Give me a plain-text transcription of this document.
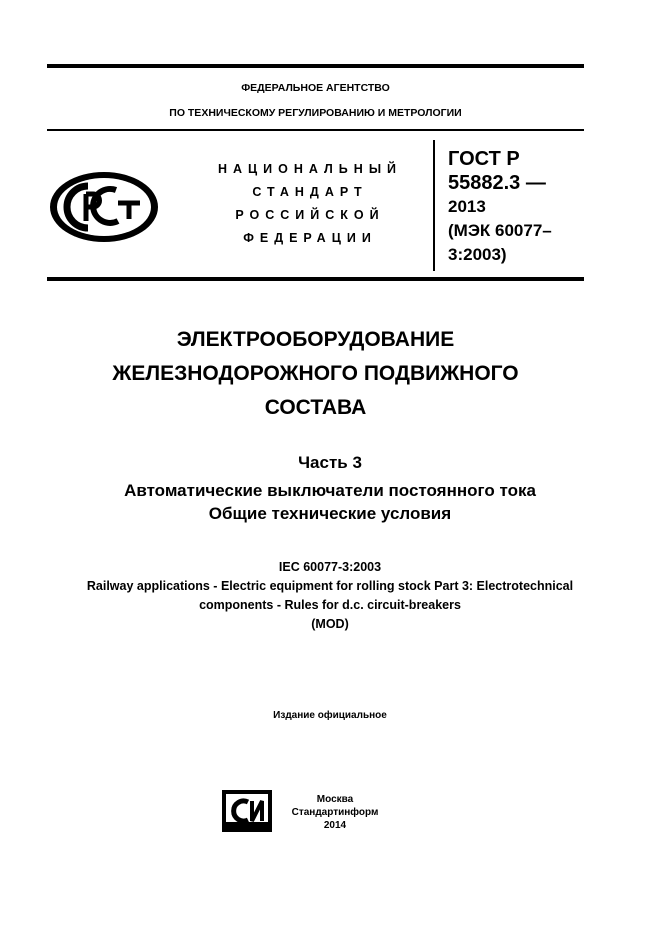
ФЕДЕРАЛЬНОЕ АГЕНТСТВО
ПО ТЕХНИЧЕСКОМУ РЕГУЛИРОВАНИЮ И МЕТРОЛОГИИ
НАЦИОНАЛЬНЫЙ
СТАНДАРТ
РОССИЙСКОЙ
ФЕДЕРАЦИИ
ГОСТ Р
55882.3 —
2013
(МЭК 60077–
3:2003)
ЭЛЕКТРООБОРУДОВАНИЕ
ЖЕЛЕЗНОДОРОЖНОГО ПОДВИЖНОГО
СОСТАВА
Часть 3
Автоматические выключатели постоянного тока
Общие технические условия
IEC 60077-3:2003
Railway applications - Electric equipment for rolling stock Part 3: Electrotechnical
components - Rules for d.c. circuit-breakers
(MOD)
Издание официальное
Москва
Стандартинформ
2014
